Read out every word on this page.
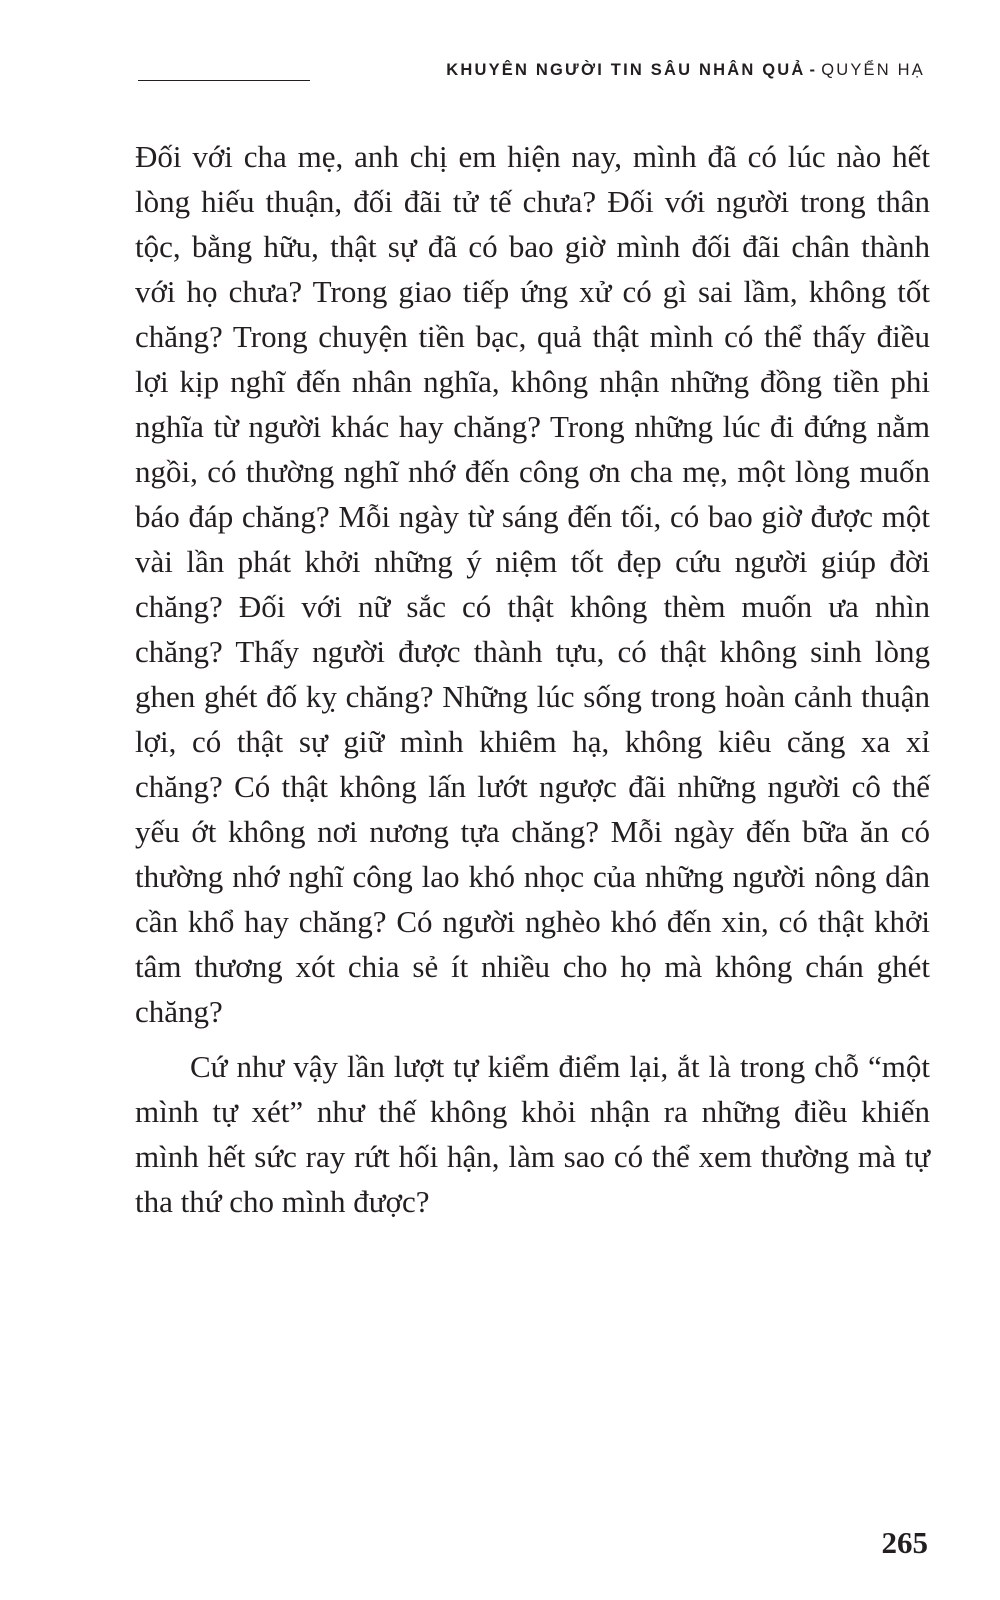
KHUYÊN NGƯỜI TIN SÂU NHÂN QUẢ - QUYỂN HẠ

Đối với cha mẹ, anh chị em hiện nay, mình đã có lúc nào hết lòng hiếu thuận, đối đãi tử tế chưa? Đối với người trong thân tộc, bằng hữu, thật sự đã có bao giờ mình đối đãi chân thành với họ chưa? Trong giao tiếp ứng xử có gì sai lầm, không tốt chăng? Trong chuyện tiền bạc, quả thật mình có thể thấy điều lợi kịp nghĩ đến nhân nghĩa, không nhận những đồng tiền phi nghĩa từ người khác hay chăng? Trong những lúc đi đứng nằm ngồi, có thường nghĩ nhớ đến công ơn cha mẹ, một lòng muốn báo đáp chăng? Mỗi ngày từ sáng đến tối, có bao giờ được một vài lần phát khởi những ý niệm tốt đẹp cứu người giúp đời chăng? Đối với nữ sắc có thật không thèm muốn ưa nhìn chăng? Thấy người được thành tựu, có thật không sinh lòng ghen ghét đố kỵ chăng? Những lúc sống trong hoàn cảnh thuận lợi, có thật sự giữ mình khiêm hạ, không kiêu căng xa xỉ chăng? Có thật không lấn lướt ngược đãi những người cô thế yếu ớt không nơi nương tựa chăng? Mỗi ngày đến bữa ăn có thường nhớ nghĩ công lao khó nhọc của những người nông dân cần khổ hay chăng? Có người nghèo khó đến xin, có thật khởi tâm thương xót chia sẻ ít nhiều cho họ mà không chán ghét chăng?

Cứ như vậy lần lượt tự kiểm điểm lại, ắt là trong chỗ “một mình tự xét” như thế không khỏi nhận ra những điều khiến mình hết sức ray rứt hối hận, làm sao có thể xem thường mà tự tha thứ cho mình được?

265
